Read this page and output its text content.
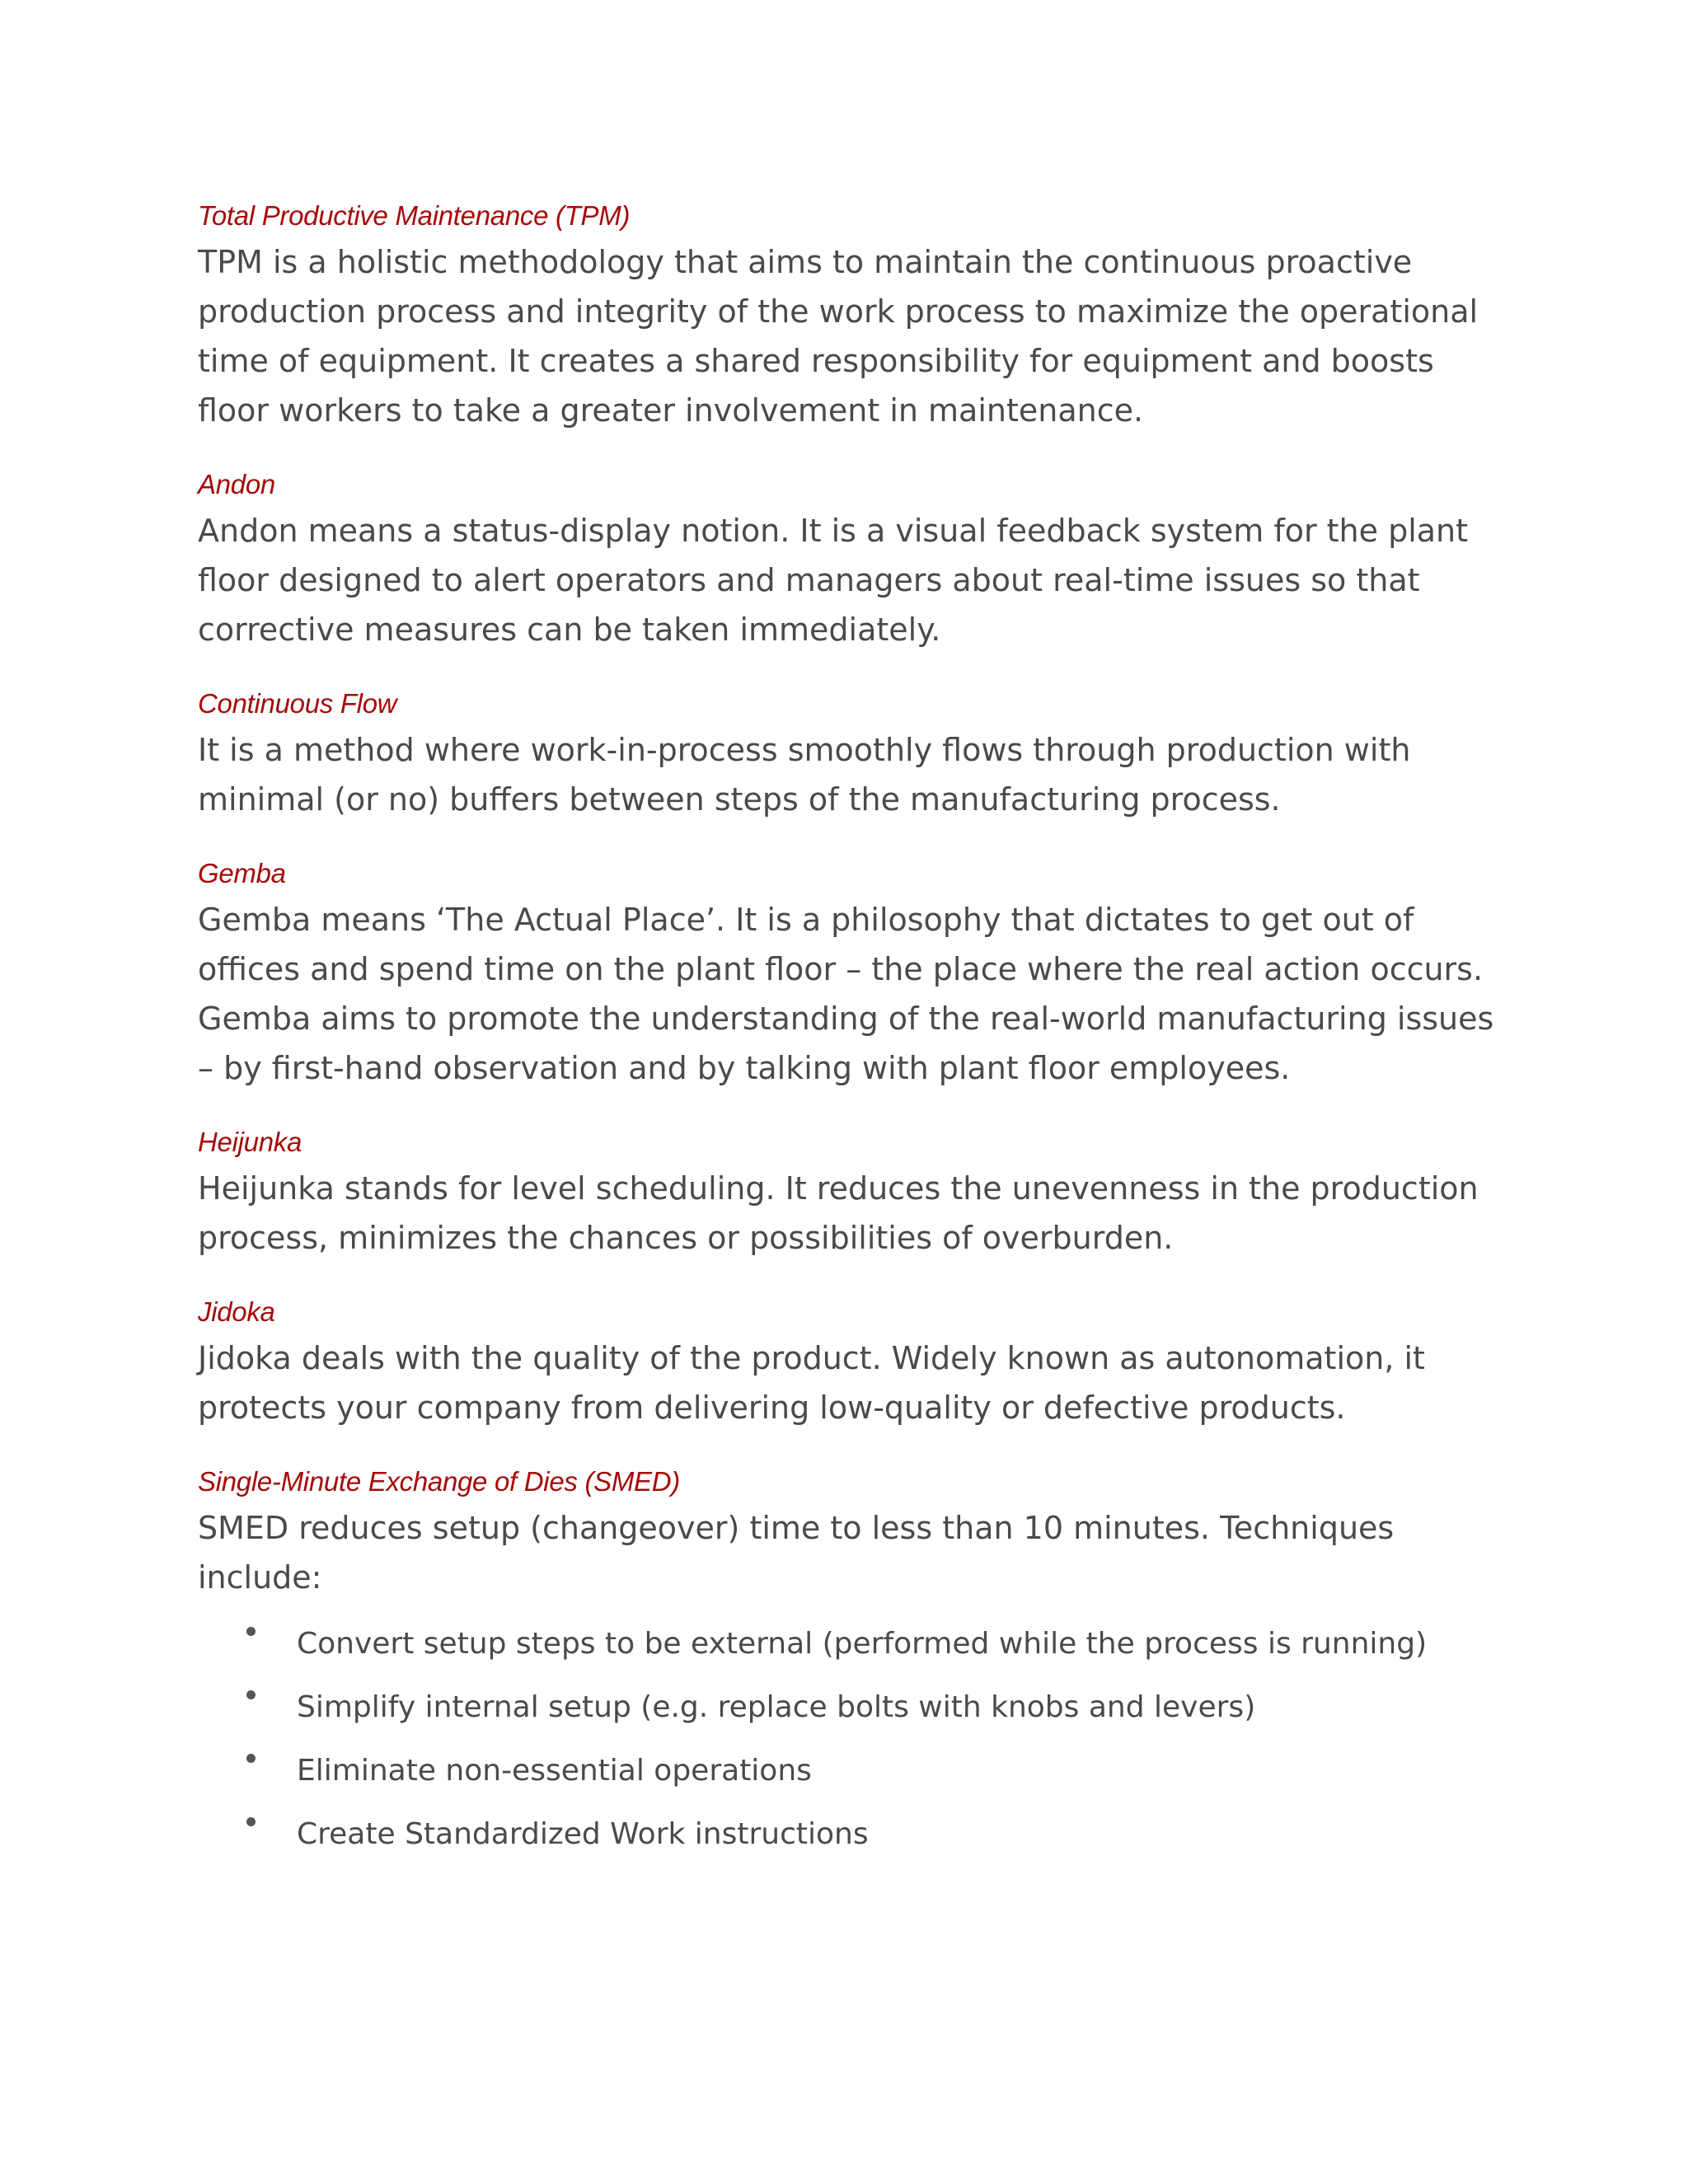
Total Productive Maintenance (TPM)

TPM is a holistic methodology that aims to maintain the continuous proactive production process and integrity of the work process to maximize the operational time of equipment. It creates a shared responsibility for equipment and boosts floor workers to take a greater involvement in maintenance.

Andon

Andon means a status-display notion. It is a visual feedback system for the plant floor designed to alert operators and managers about real-time issues so that corrective measures can be taken immediately.

Continuous Flow

It is a method where work-in-process smoothly flows through production with minimal (or no) buffers between steps of the manufacturing process.

Gemba

Gemba means ‘The Actual Place’. It is a philosophy that dictates to get out of offices and spend time on the plant floor – the place where the real action occurs. Gemba aims to promote the understanding of the real-world manufacturing issues – by first-hand observation and by talking with plant floor employees.

Heijunka

Heijunka stands for level scheduling. It reduces the unevenness in the production process, minimizes the chances or possibilities of overburden.

Jidoka

Jidoka deals with the quality of the product. Widely known as autonomation, it protects your company from delivering low-quality or defective products.

Single-Minute Exchange of Dies (SMED)

SMED reduces setup (changeover) time to less than 10 minutes. Techniques include:

Convert setup steps to be external (performed while the process is running)
Simplify internal setup (e.g. replace bolts with knobs and levers)
Eliminate non-essential operations
Create Standardized Work instructions
